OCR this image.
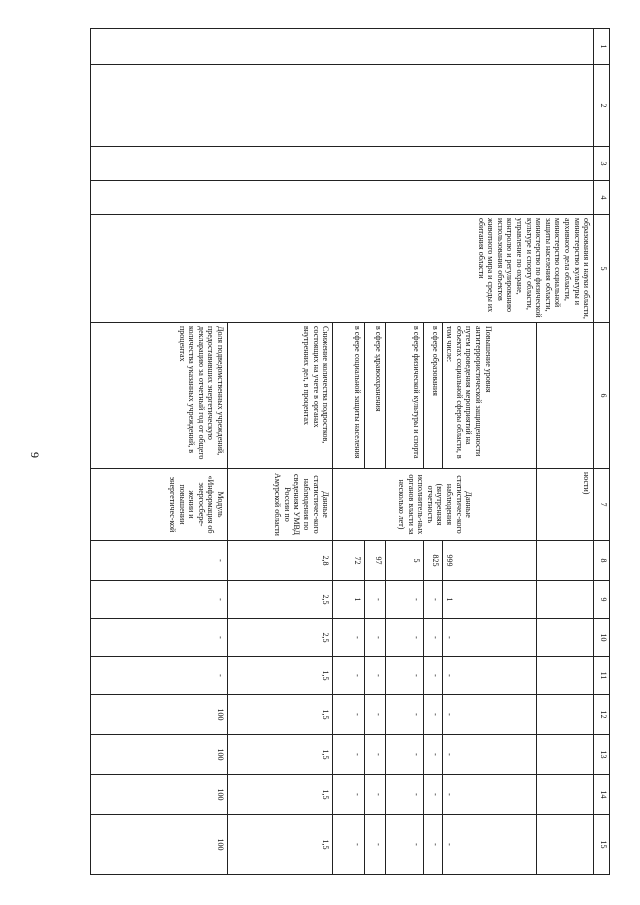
9
1	2	3	4	5	6	7	8	9	10	11	12	13	14	15
				образования и науки области, министерство культуры и архивного дела области, министерство социальной защиты населения области, министерство по физической культуре и спорту области, управление по охране, контролю и регулированию использования объектов животного мира и среды их обитания области		ности)								
					Повышение уровня антитеррористической защищенности путем проведения мероприятий на объектах социальной сферы области, в том числе:	Данные статистичес-кого наблюдения (внутренняя отчетность исполнитель-ных органов власти за несколько лет)	999	1	-	-	-	-	-	-
					в сфере образования		825	-	-	-	-	-	-	-
					в сфере физической культуры и спорта		5	-	-	-	-	-	-	-
					в сфере здравоохранения		97	-	-	-	-	-	-	-
					в сфере социальной защиты населения		72	1	-	-	-	-	-	-
					Снижение количества подростков, состоящих на учете в органах внутренних дел, в процентах	Данные статистичес-кого наблюдения по сведениям УМВД России по Амурской области	2,8	2,5	2,5	1,5	1,5	1,5	1,5	1,5
					Доля подведомственных учреждений, предоставивших энергетическую декларацию за отчетный год от общего количества указанных учреждений, в процентах	Модуль «Информация об энергосбере-жении и повышении энергетичес-кой	-	-	-	-	100	100	100	100
